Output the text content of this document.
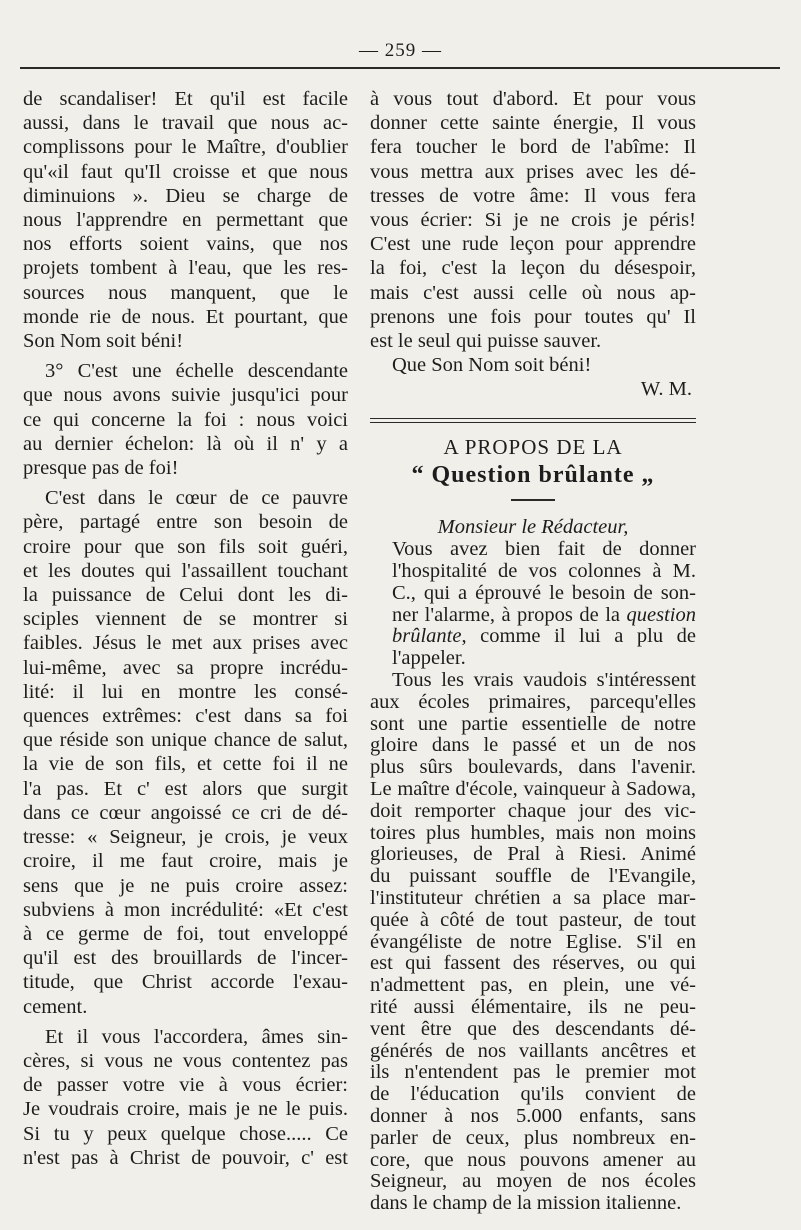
— 259 —

de scandaliser! Et qu'il est facile
aussi, dans le travail que nous ac-
complissons pour le Maître, d'oublier
qu'«il faut qu'Il croisse et que nous
diminuions ». Dieu se charge de
nous l'apprendre en permettant que
nos efforts soient vains, que nos
projets tombent à l'eau, que les res-
sources nous manquent, que le
monde rie de nous. Et pourtant, que
Son Nom soit béni!

3° C'est une échelle descendante
que nous avons suivie jusqu'ici pour
ce qui concerne la foi : nous voici
au dernier échelon: là où il n' y a
presque pas de foi!

C'est dans le cœur de ce pauvre
père, partagé entre son besoin de
croire pour que son fils soit guéri,
et les doutes qui l'assaillent touchant
la puissance de Celui dont les di-
sciples viennent de se montrer si
faibles. Jésus le met aux prises avec
lui-même, avec sa propre incrédu-
lité: il lui en montre les consé-
quences extrêmes: c'est dans sa foi
que réside son unique chance de salut,
la vie de son fils, et cette foi il ne
l'a pas. Et c' est alors que surgit
dans ce cœur angoissé ce cri de dé-
tresse: « Seigneur, je crois, je veux
croire, il me faut croire, mais je
sens que je ne puis croire assez:
subviens à mon incrédulité: «Et c'est
à ce germe de foi, tout enveloppé
qu'il est des brouillards de l'incer-
titude, que Christ accorde l'exau-
cement.

Et il vous l'accordera, âmes sin-
cères, si vous ne vous contentez pas
de passer votre vie à vous écrier:
Je voudrais croire, mais je ne le puis.
Si tu y peux quelque chose..... Ce
n'est pas à Christ de pouvoir, c' est

à vous tout d'abord. Et pour vous
donner cette sainte énergie, Il vous
fera toucher le bord de l'abîme: Il
vous mettra aux prises avec les dé-
tresses de votre âme: Il vous fera
vous écrier: Si je ne crois je péris!
C'est une rude leçon pour apprendre
la foi, c'est la leçon du désespoir,
mais c'est aussi celle où nous ap-
prenons une fois pour toutes qu' Il
est le seul qui puisse sauver.

Que Son Nom soit béni!

W. M.
A PROPOS DE LA
“ Question brûlante „
Monsieur le Rédacteur,

Vous avez bien fait de donner
l'hospitalité de vos colonnes à M.
C., qui a éprouvé le besoin de son-
ner l'alarme, à propos de la question
brûlante, comme il lui a plu de
l'appeler.

Tous les vrais vaudois s'intéressent
aux écoles primaires, parcequ'elles
sont une partie essentielle de notre
gloire dans le passé et un de nos
plus sûrs boulevards, dans l'avenir.
Le maître d'école, vainqueur à Sadowa,
doit remporter chaque jour des vic-
toires plus humbles, mais non moins
glorieuses, de Pral à Riesi. Animé
du puissant souffle de l'Evangile,
l'instituteur chrétien a sa place mar-
quée à côté de tout pasteur, de tout
évangéliste de notre Eglise. S'il en
est qui fassent des réserves, ou qui
n'admettent pas, en plein, une vé-
rité aussi élémentaire, ils ne peu-
vent être que des descendants dé-
générés de nos vaillants ancêtres et
ils n'entendent pas le premier mot
de l'éducation qu'ils convient de
donner à nos 5.000 enfants, sans
parler de ceux, plus nombreux en-
core, que nous pouvons amener au
Seigneur, au moyen de nos écoles
dans le champ de la mission italienne.
